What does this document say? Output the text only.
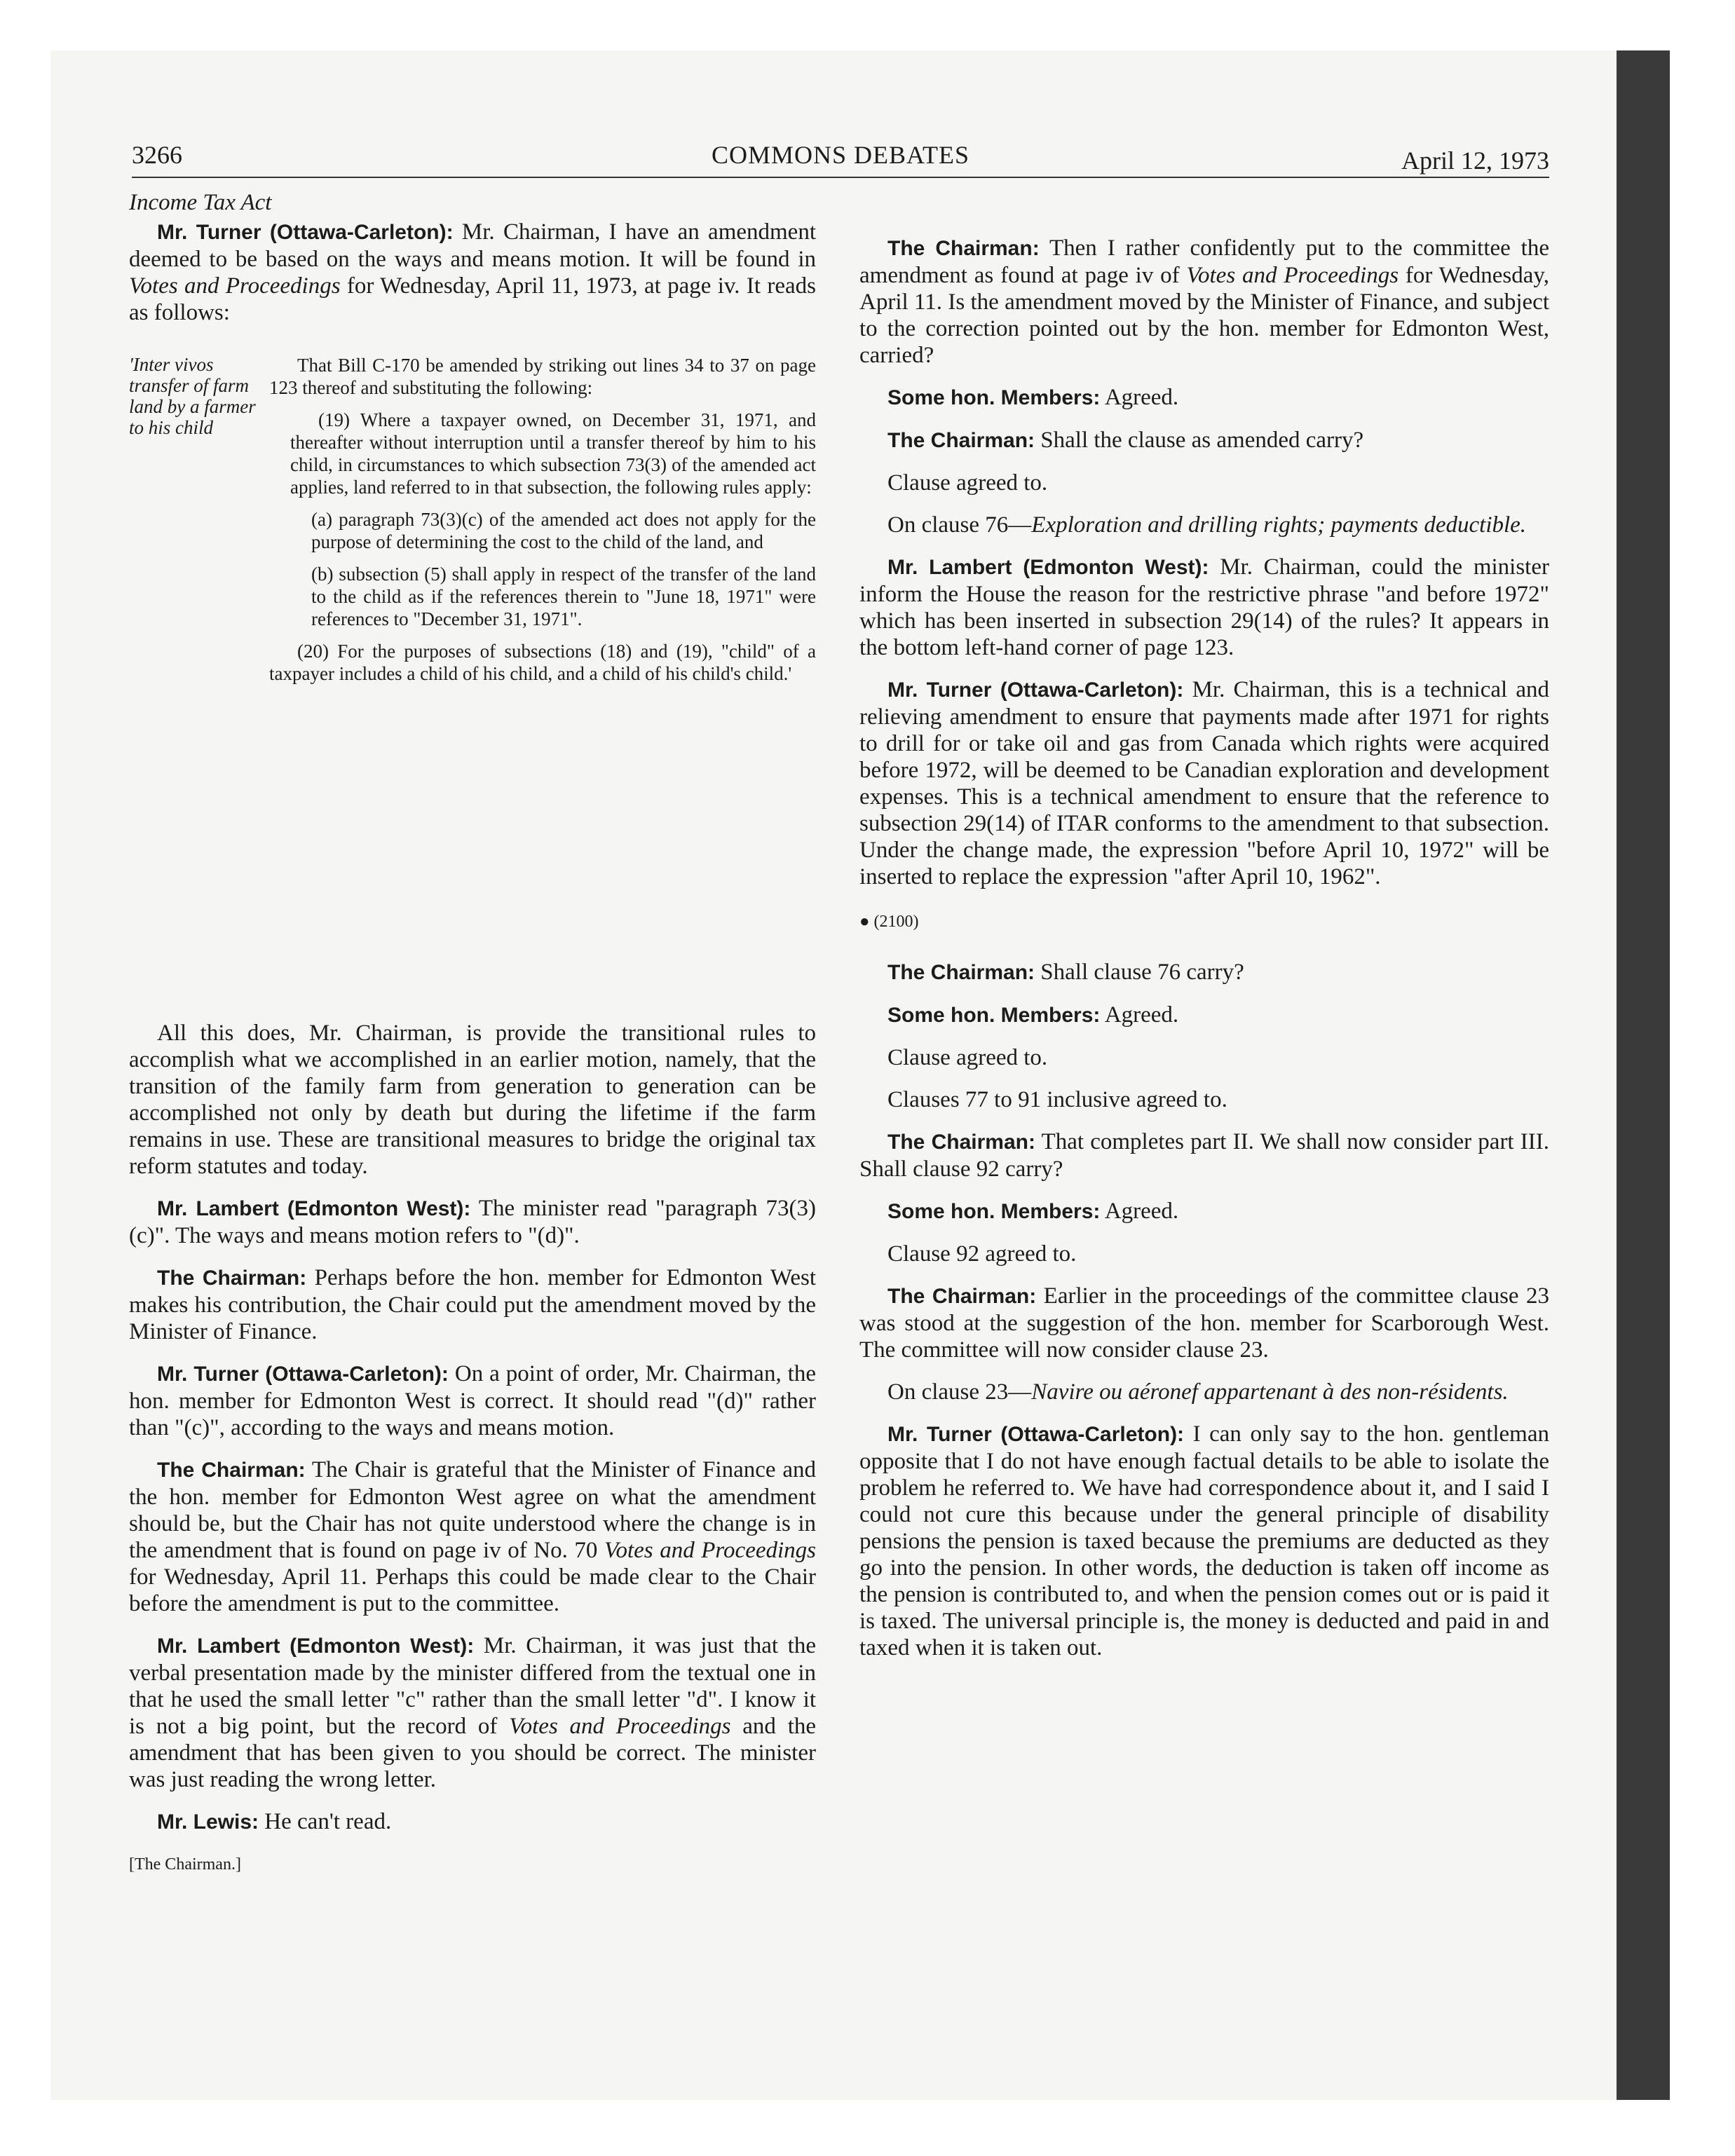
3266	COMMONS DEBATES	April 12, 1973

Income Tax Act

Mr. Turner (Ottawa-Carleton): Mr. Chairman, I have an amendment deemed to be based on the ways and means motion. It will be found in Votes and Proceedings for Wednesday, April 11, 1973, at page iv. It reads as follows:

'Inter vivos transfer of farm land by a farmer to his child

That Bill C-170 be amended by striking out lines 34 to 37 on page 123 thereof and substituting the following:

(19) Where a taxpayer owned, on December 31, 1971, and thereafter without interruption until a transfer thereof by him to his child, in circumstances to which subsection 73(3) of the amended act applies, land referred to in that subsection, the following rules apply:

(a) paragraph 73(3)(c) of the amended act does not apply for the purpose of determining the cost to the child of the land, and

(b) subsection (5) shall apply in respect of the transfer of the land to the child as if the references therein to "June 18, 1971" were references to "December 31, 1971".

(20) For the purposes of subsections (18) and (19), "child" of a taxpayer includes a child of his child, and a child of his child's child.'

All this does, Mr. Chairman, is provide the transitional rules to accomplish what we accomplished in an earlier motion, namely, that the transition of the family farm from generation to generation can be accomplished not only by death but during the lifetime if the farm remains in use. These are transitional measures to bridge the original tax reform statutes and today.

Mr. Lambert (Edmonton West): The minister read "paragraph 73(3)(c)". The ways and means motion refers to "(d)".

The Chairman: Perhaps before the hon. member for Edmonton West makes his contribution, the Chair could put the amendment moved by the Minister of Finance.

Mr. Turner (Ottawa-Carleton): On a point of order, Mr. Chairman, the hon. member for Edmonton West is correct. It should read "(d)" rather than "(c)", according to the ways and means motion.

The Chairman: The Chair is grateful that the Minister of Finance and the hon. member for Edmonton West agree on what the amendment should be, but the Chair has not quite understood where the change is in the amendment that is found on page iv of No. 70 Votes and Proceedings for Wednesday, April 11. Perhaps this could be made clear to the Chair before the amendment is put to the committee.

Mr. Lambert (Edmonton West): Mr. Chairman, it was just that the verbal presentation made by the minister differed from the textual one in that he used the small letter "c" rather than the small letter "d". I know it is not a big point, but the record of Votes and Proceedings and the amendment that has been given to you should be correct. The minister was just reading the wrong letter.

Mr. Lewis: He can't read.

[The Chairman.]

The Chairman: Then I rather confidently put to the committee the amendment as found at page iv of Votes and Proceedings for Wednesday, April 11. Is the amendment moved by the Minister of Finance, and subject to the correction pointed out by the hon. member for Edmonton West, carried?

Some hon. Members: Agreed.

The Chairman: Shall the clause as amended carry?

Clause agreed to.

On clause 76—Exploration and drilling rights; payments deductible.

Mr. Lambert (Edmonton West): Mr. Chairman, could the minister inform the House the reason for the restrictive phrase "and before 1972" which has been inserted in subsection 29(14) of the rules? It appears in the bottom left-hand corner of page 123.

Mr. Turner (Ottawa-Carleton): Mr. Chairman, this is a technical and relieving amendment to ensure that payments made after 1971 for rights to drill for or take oil and gas from Canada which rights were acquired before 1972, will be deemed to be Canadian exploration and development expenses. This is a technical amendment to ensure that the reference to subsection 29(14) of ITAR conforms to the amendment to that subsection. Under the change made, the expression "before April 10, 1972" will be inserted to replace the expression "after April 10, 1962".

● (2100)

The Chairman: Shall clause 76 carry?

Some hon. Members: Agreed.

Clause agreed to.

Clauses 77 to 91 inclusive agreed to.

The Chairman: That completes part II. We shall now consider part III. Shall clause 92 carry?

Some hon. Members: Agreed.

Clause 92 agreed to.

The Chairman: Earlier in the proceedings of the committee clause 23 was stood at the suggestion of the hon. member for Scarborough West. The committee will now consider clause 23.

On clause 23—Navire ou aéronef appartenant à des non-résidents.

Mr. Turner (Ottawa-Carleton): I can only say to the hon. gentleman opposite that I do not have enough factual details to be able to isolate the problem he referred to. We have had correspondence about it, and I said I could not cure this because under the general principle of disability pensions the pension is taxed because the premiums are deducted as they go into the pension. In other words, the deduction is taken off income as the pension is contributed to, and when the pension comes out or is paid it is taxed. The universal principle is, the money is deducted and paid in and taxed when it is taken out.
